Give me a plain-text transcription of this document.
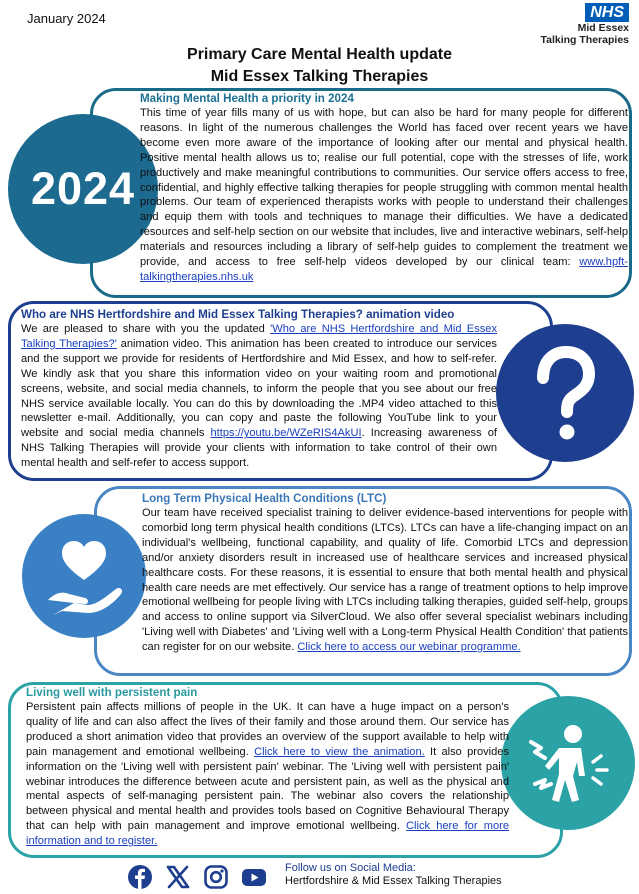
January 2024	NHS
Mid Essex
Talking Therapies
Primary Care Mental Health update
Mid Essex Talking Therapies
2024
Making Mental Health a priority in 2024

This time of year fills many of us with hope, but can also be hard for many people for different reasons. In light of the numerous challenges the World has faced over recent years we have become even more aware of the importance of looking after our mental and physical health. Positive mental health allows us to; realise our full potential, cope with the stresses of life, work productively and make meaningful contributions to communities. Our service offers access to free, confidential, and highly effective talking therapies for people struggling with common mental health problems. Our team of experienced therapists works with people to understand their challenges and equip them with tools and techniques to manage their difficulties. We have a dedicated resources and self-help section on our website that includes, live and interactive webinars, self-help materials and resources including a library of self-help guides to complement the treatment we provide, and access to free self-help videos developed by our clinical team: www.hpft-talkingtherapies.nhs.uk

Who are NHS Hertfordshire and Mid Essex Talking Therapies? animation video

We are pleased to share with you the updated 'Who are NHS Hertfordshire and Mid Essex Talking Therapies?' animation video. This animation has been created to introduce our services and the support we provide for residents of Hertfordshire and Mid Essex, and how to self-refer. We kindly ask that you share this information video on your waiting room and promotional screens, website, and social media channels, to inform the people that you see about our free NHS service available locally. You can do this by downloading the .MP4 video attached to this newsletter e-mail. Additionally, you can copy and paste the following YouTube link to your website and social media channels https://youtu.be/WZeRIS4AkUI. Increasing awareness of NHS Talking Therapies will provide your clients with information to take control of their own mental health and self-refer to access support.

Long Term Physical Health Conditions (LTC)

Our team have received specialist training to deliver evidence-based interventions for people with comorbid long term physical health conditions (LTCs). LTCs can have a life-changing impact on an individual's wellbeing, functional capability, and quality of life. Comorbid LTCs and depression and/or anxiety disorders result in increased use of healthcare services and increased physical healthcare costs. For these reasons, it is essential to ensure that both mental health and physical health care needs are met effectively. Our service has a range of treatment options to help improve emotional wellbeing for people living with LTCs including talking therapies, guided self-help, groups and access to online support via SilverCloud. We also offer several specialist webinars including 'Living well with Diabetes' and 'Living well with a Long-term Physical Health Condition' that patients can register for on our website. Click here to access our webinar programme.

Living well with persistent pain

Persistent pain affects millions of people in the UK. It can have a huge impact on a person's quality of life and can also affect the lives of their family and those around them. Our service has produced a short animation video that provides an overview of the support available to help with pain management and emotional wellbeing. Click here to view the animation. It also provides information on the 'Living well with persistent pain' webinar. The 'Living well with persistent pain' webinar introduces the difference between acute and persistent pain, as well as the physical and mental aspects of self-managing persistent pain. The webinar also covers the relationship between physical and mental health and provides tools based on Cognitive Behavioural Therapy that can help with pain management and improve emotional wellbeing. Click here for more information and to register.

Follow us on Social Media:
Hertfordshire & Mid Essex Talking Therapies
